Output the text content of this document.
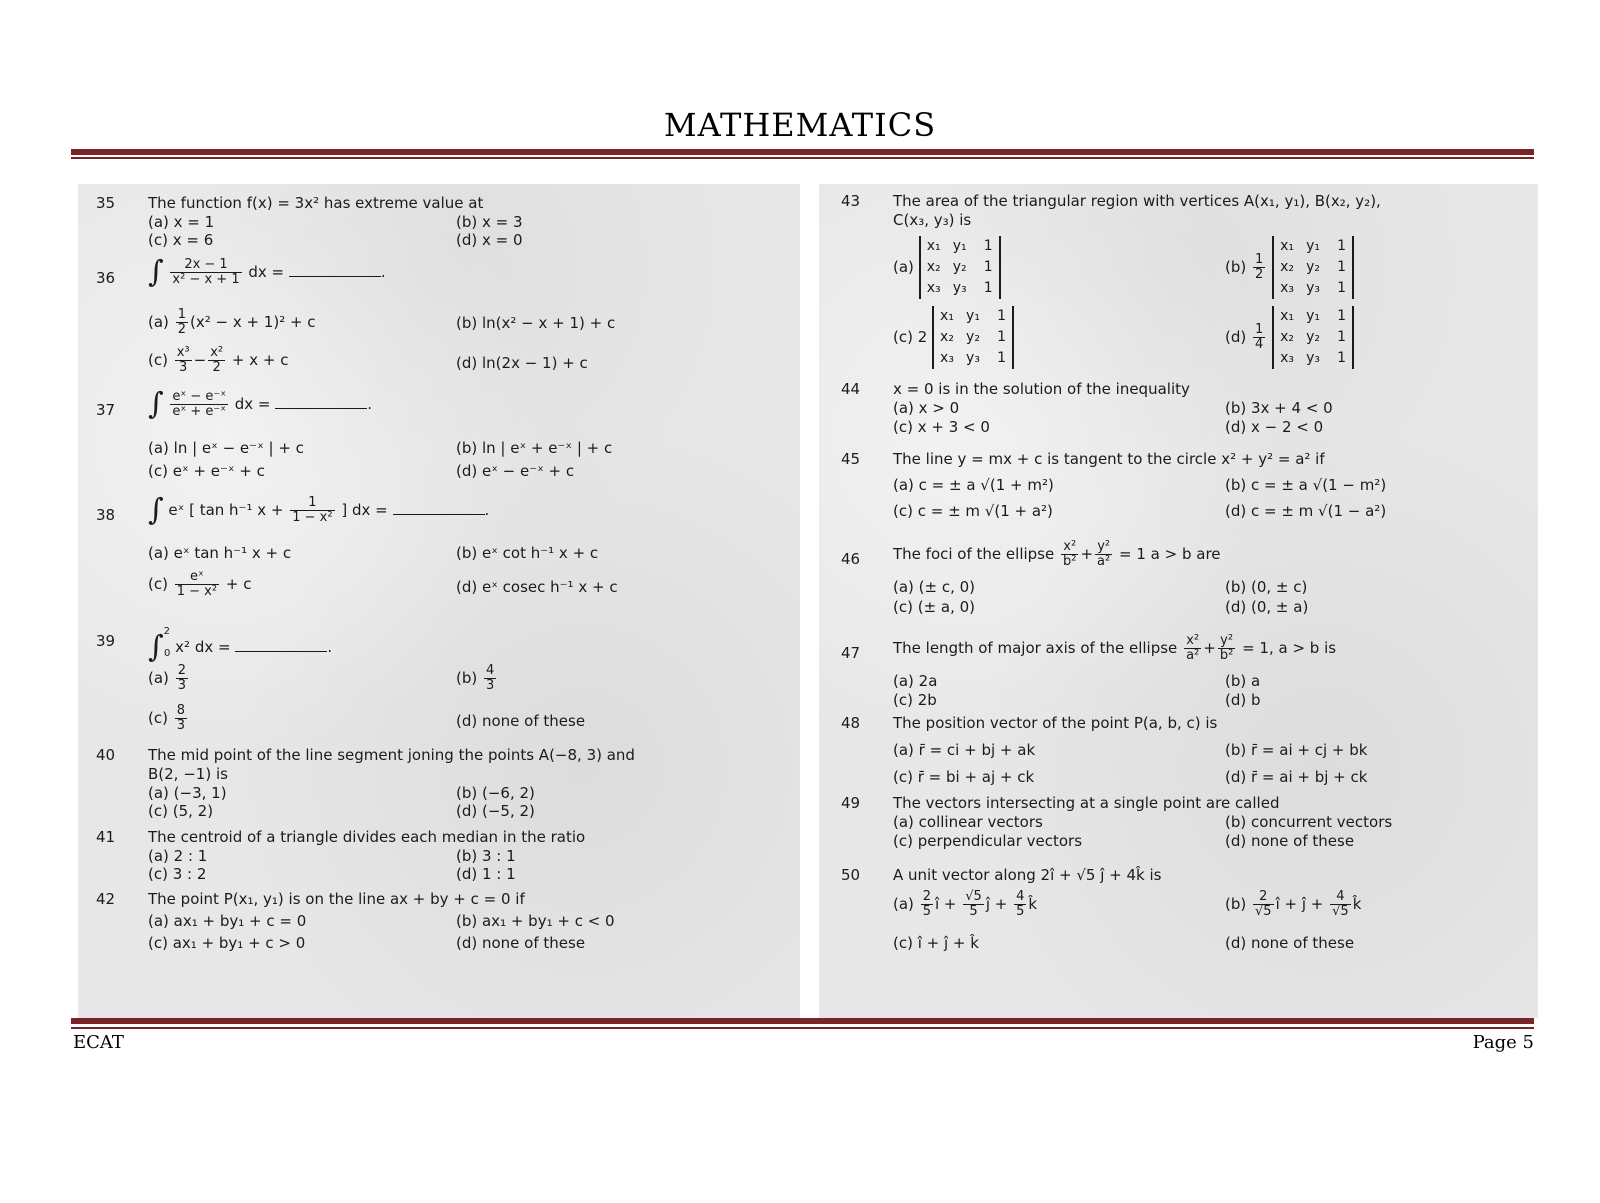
MATHEMATICS
35	The function f(x) = 3x² has extreme value at
(a) x = 1	(b) x = 3
(c) x = 6	(d) x = 0
36	∫ $\frac{2x - 1}{\text{x² − x + 1}}$ dx =	.
$(a) \frac{1}{2} (x^2 - x + 1)^2 + c$	(b) ln(x² − x + 1) + c
$(c) \frac{\text{x³}}{3} - \frac{\text{x²}}{2} + x + c$	(d) ln(2x − 1) + c
37	∫ $\frac{\text{eˣ − e⁻ˣ}}{\text{eˣ + e⁻ˣ}}$ dx =	.
(a) ln | eˣ − e⁻ˣ | + c	(b) ln | eˣ + e⁻ˣ | + c
(c) eˣ + e⁻ˣ + c	(d) eˣ − e⁻ˣ + c
38	∫ eˣ [ tan h⁻¹ $x + \frac{1}{\text{1 − x²}}$ ] dx =	.
(a) eˣ tan h⁻¹ x + c	(b) eˣ cot h⁻¹ x + c
$(c) \frac{\text{eˣ}}{\text{1 − x²}} + c$	(d) eˣ cosec h⁻¹ x + c
39	∫$^2_0$ x² dx =	.
$(a) \frac{2}{3}$	$(b) \frac{4}{3}$
$(c) \frac{8}{3}$	(d) none of these
40	The mid point of the line segment joning the points A(−8, 3) and
B(2, −1) is
(a) (−3, 1)	(b) (−6, 2)
(c) (5, 2)	(d) (−5, 2)
41	The centroid of a triangle divides each median in the ratio
(a) 2 : 1	(b) 3 : 1
(c) 3 : 2	(d) 1 : 1
42	The point P(x₁, y₁) is on the line ax + by + c = 0 if
(a) ax₁ + by₁ + c = 0	(b) ax₁ + by₁ + c < 0
(c) ax₁ + by₁ + c > 0	(d) none of these
43	The area of the triangular region with vertices A(x₁, y₁), B(x₂, y₂),
C(x₃, y₃) is
(a) x₁ y₁ 1
x₂ y₂ 1
x₃ y₃ 1
$(b) \frac{1}{2}$
x₁ y₁ 1
x₂ y₂ 1
x₃ y₃ 1
(c) 2 x₁ y₁ 1
x₂ y₂ 1
x₃ y₃ 1
$(d) \frac{1}{4}$
x₁ y₁ 1
x₂ y₂ 1
x₃ y₃ 1
44	x = 0 is in the solution of the inequality
(a) x > 0	(b) 3x + 4 < 0
(c) x + 3 < 0	(d) x − 2 < 0
45	The line y = mx + c is tangent to the circle x² + y² = a² if
(a) c = ± a √(1 + m²)	(b) c = ± a √(1 − m²)
(c) c = ± m √(1 + a²)	(d) c = ± m √(1 − a²)
46	The foci of the ellipse $\frac{\text{x²}}{\text{b²}} + \frac{\text{y²}}{\text{a²}} = 1$ a > b are
(a) (± c, 0)	(b) (0, ± c)
(c) (± a, 0)	(d) (0, ± a)
47	The length of major axis of the ellipse $\frac{\text{x²}}{\text{a²}} + \frac{\text{y²}}{\text{b²}} = 1$, a > b is
(a) 2a	(b) a
(c) 2b	(d) b
48	The position vector of the point P(a, b, c) is
(a) r̄ = ci + bj + ak	(b) r̄ = ai + cj + bk
(c) r̄ = bi + aj + ck	(d) r̄ = ai + bj + ck
49	The vectors intersecting at a single point are called
(a) collinear vectors	(b) concurrent vectors
(c) perpendicular vectors	(d) none of these
50	A unit vector along 2î + √5 ĵ + 4k̂ is
$(a) \frac{2}{5}$ î + $\frac{√5}{5}$ ĵ + $\frac{4}{5}$ k̂	$(b) \frac{2}{√5}$ î + ĵ + $\frac{4}{√5}$ k̂
(c) î + ĵ + k̂	(d) none of these
ECAT	Page 5
